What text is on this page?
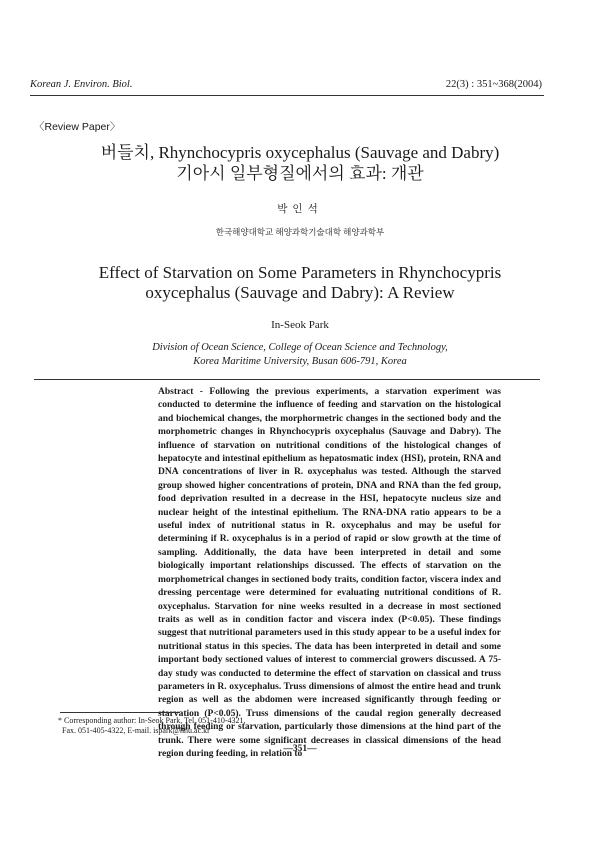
Korean J. Environ. Biol.	22(3) : 351~368(2004)
〈Review Paper〉
버들치, Rhynchocypris oxycephalus (Sauvage and Dabry)
기아시 일부형질에서의 효과: 개관
박인석
한국해양대학교 해양과학기술대학 해양과학부
Effect of Starvation on Some Parameters in Rhynchocypris
oxycephalus (Sauvage and Dabry): A Review
In-Seok Park
Division of Ocean Science, College of Ocean Science and Technology,
Korea Maritime University, Busan 606-791, Korea

Abstract - Following the previous experiments, a starvation experiment was conducted to determine the influence of feeding and starvation on the histological and biochemical changes, the morphormetric changes in the sectioned body and the morphometric changes in Rhynchocypris oxycephalus (Sauvage and Dabry). The influence of starvation on nutritional conditions of the histological changes of hepatocyte and intestinal epithelium as hepatosmatic index (HSI), protein, RNA and DNA concentrations of liver in R. oxycephalus was tested. Although the starved group showed higher concentrations of protein, DNA and RNA than the fed group, food deprivation resulted in a decrease in the HSI, hepatocyte nucleus size and nuclear height of the intestinal epithelium. The RNA-DNA ratio appears to be a useful index of nutritional status in R. oxycephalus and may be useful for determining if R. oxycephalus is in a period of rapid or slow growth at the time of sampling. Additionally, the data have been interpreted in detail and some biologically important relationships discussed. The effects of starvation on the morphometrical changes in sectioned body traits, condition factor, viscera index and dressing percentage were determined for evaluating nutritional conditions of R. oxycephalus. Starvation for nine weeks resulted in a decrease in most sectioned traits as well as in condition factor and viscera index (P<0.05). These findings suggest that nutritional parameters used in this study appear to be a useful index for nutritional status in this species. The data has been interpreted in detail and some important body sectioned values of interest to commercial growers discussed. A 75-day study was conducted to determine the effect of starvation on classical and truss parameters in R. oxycephalus. Truss dimensions of almost the entire head and trunk region as well as the abdomen were increased significantly through feeding or starvation (P<0.05). Truss dimensions of the caudal region generally decreased through feeding or starvation, particularly those dimensions at the hind part of the trunk. There were some significant decreases in classical dimensions of the head region during feeding, in relation to

* Corresponding author: In-Seok Park, Tel. 051-410-4321,
Fax. 051-405-4322, E-mail. ispark@hhu.ac.kr
—351—
